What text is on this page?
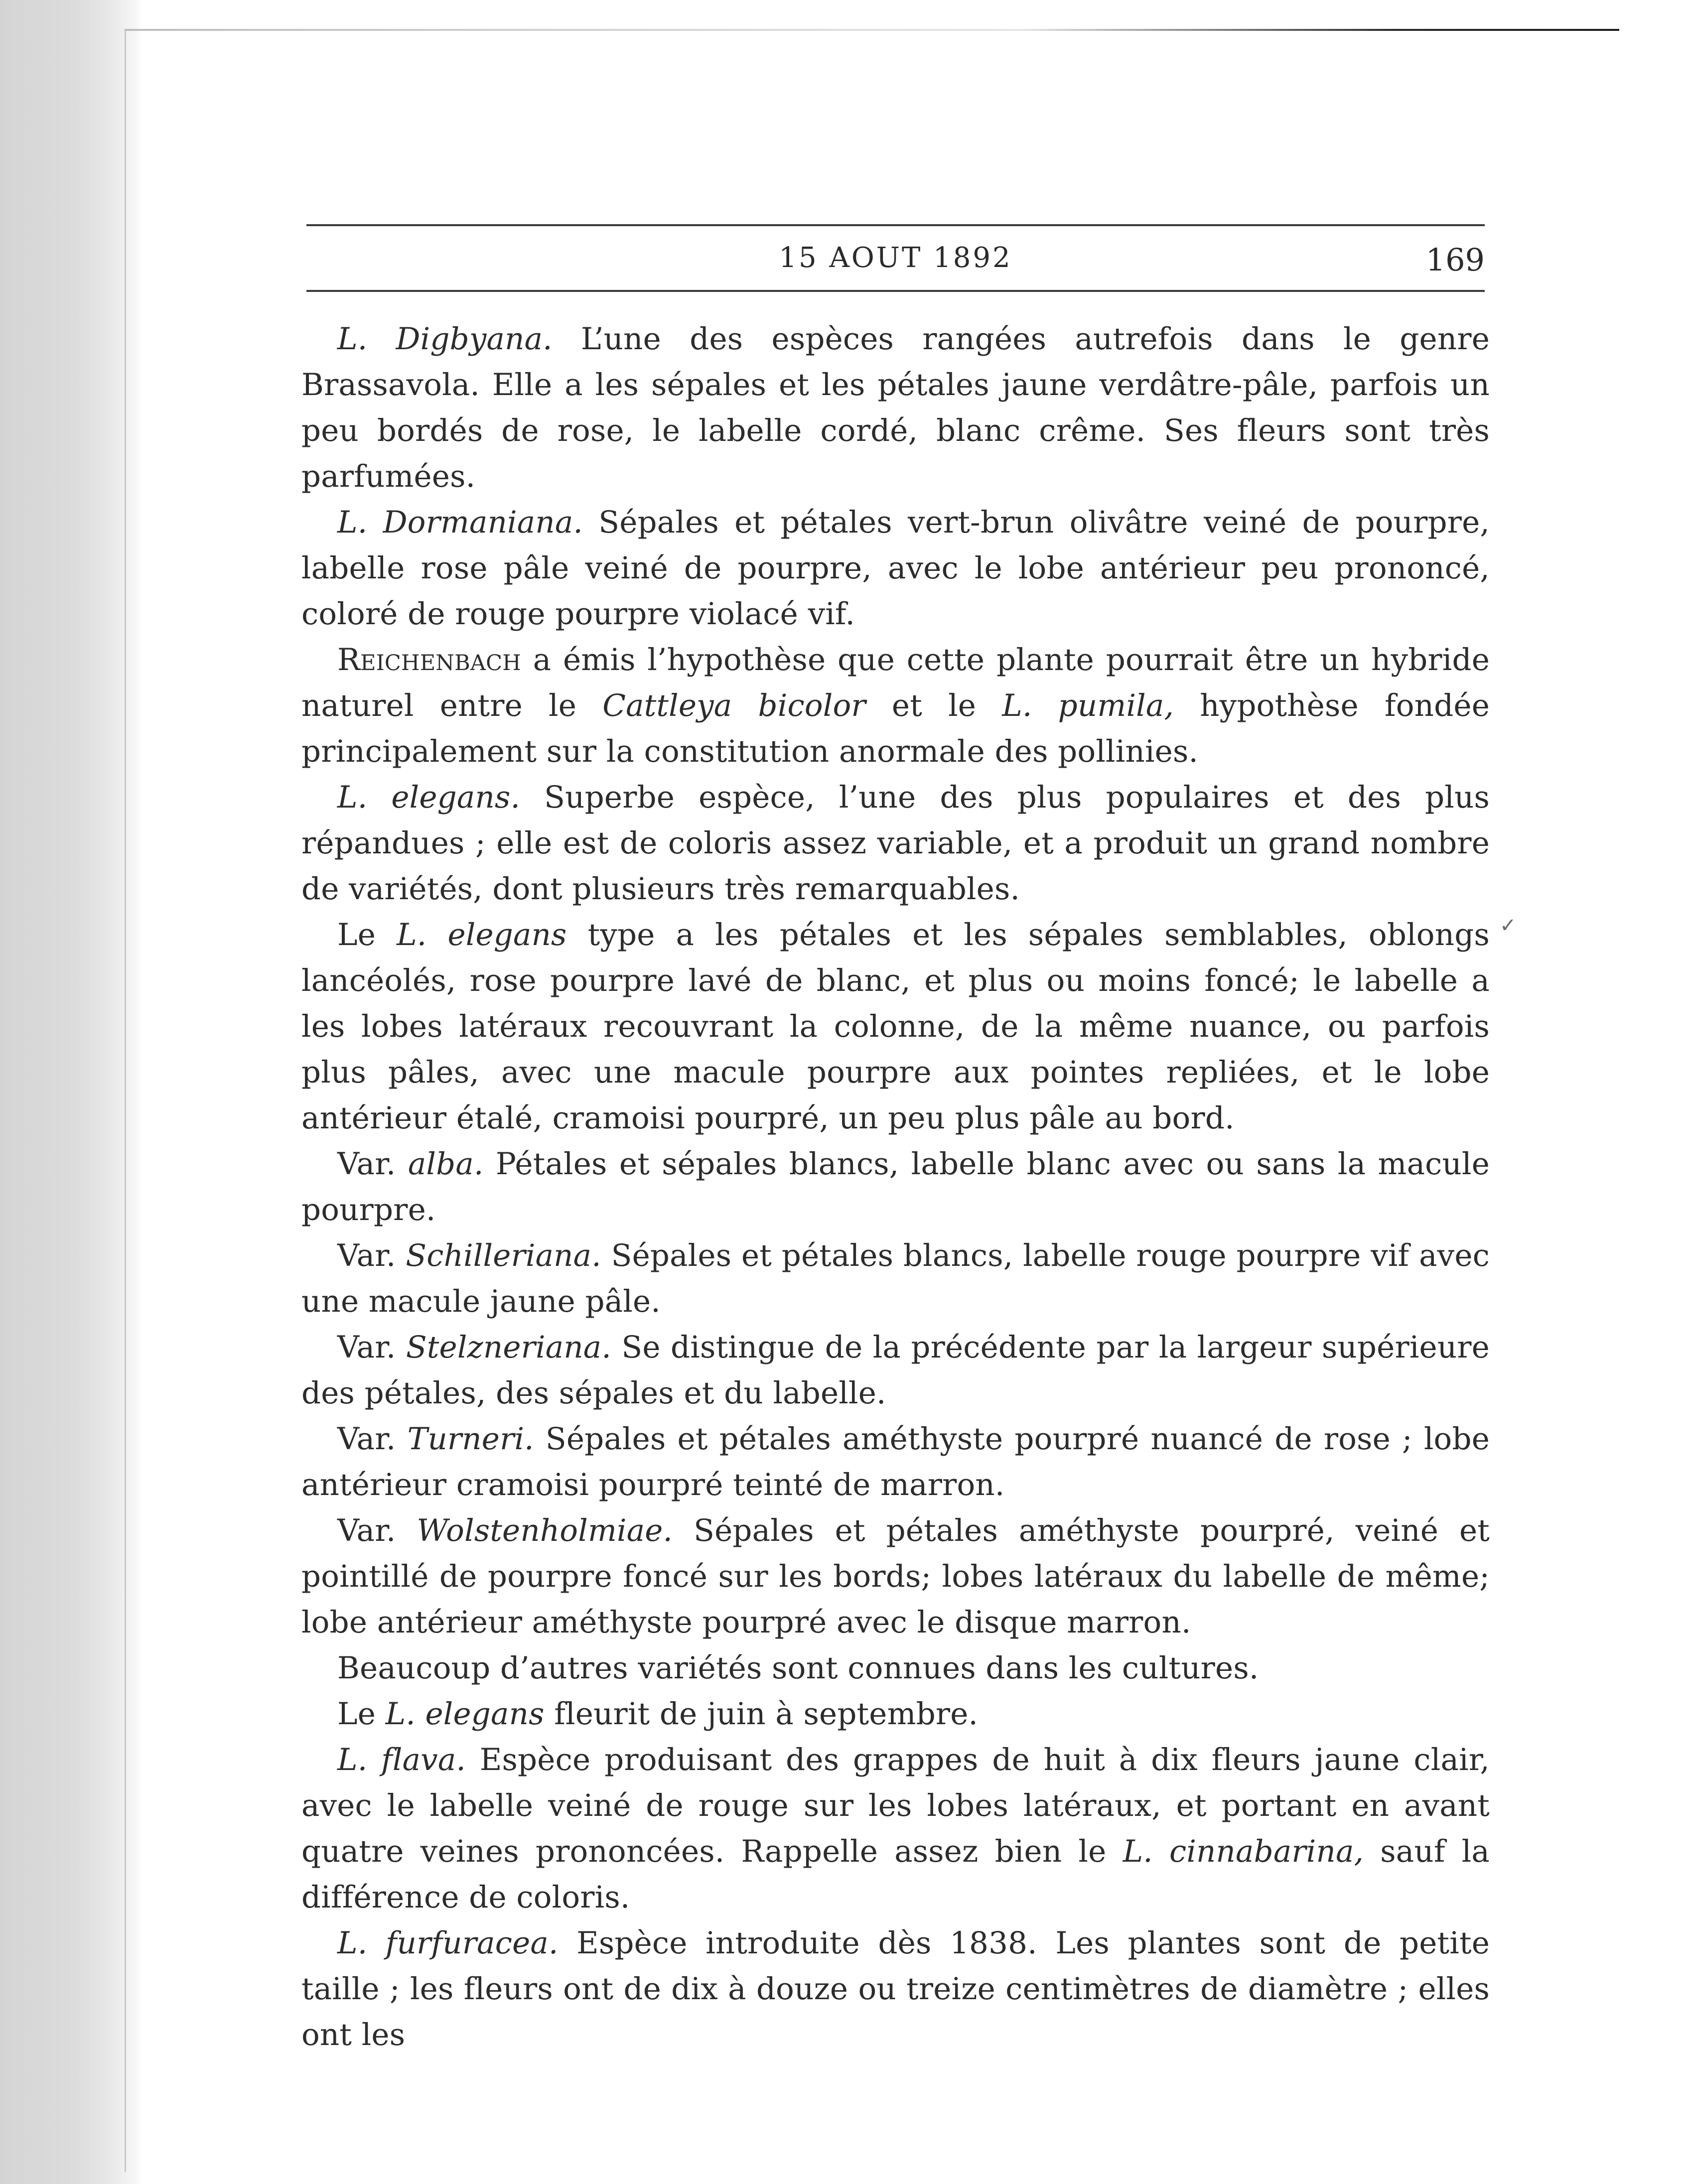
15 AOUT 1892	169
✓

L. Digbyana. L’une des espèces rangées autrefois dans le genre Brassavola. Elle a les sépales et les pétales jaune verdâtre-pâle, parfois un peu bordés de rose, le labelle cordé, blanc crême. Ses fleurs sont très parfumées.

L. Dormaniana. Sépales et pétales vert-brun olivâtre veiné de pourpre, labelle rose pâle veiné de pourpre, avec le lobe antérieur peu prononcé, coloré de rouge pourpre violacé vif.

Reichenbach a émis l’hypothèse que cette plante pourrait être un hybride naturel entre le Cattleya bicolor et le L. pumila, hypothèse fondée principalement sur la constitution anormale des pollinies.

L. elegans. Superbe espèce, l’une des plus populaires et des plus répandues ; elle est de coloris assez variable, et a produit un grand nombre de variétés, dont plusieurs très remarquables.

Le L. elegans type a les pétales et les sépales semblables, oblongs lancéolés, rose pourpre lavé de blanc, et plus ou moins foncé; le labelle a les lobes latéraux recouvrant la colonne, de la même nuance, ou parfois plus pâles, avec une macule pourpre aux pointes repliées, et le lobe antérieur étalé, cramoisi pourpré, un peu plus pâle au bord.

Var. alba. Pétales et sépales blancs, labelle blanc avec ou sans la macule pourpre.

Var. Schilleriana. Sépales et pétales blancs, labelle rouge pourpre vif avec une macule jaune pâle.

Var. Stelzneriana. Se distingue de la précédente par la largeur supérieure des pétales, des sépales et du labelle.

Var. Turneri. Sépales et pétales améthyste pourpré nuancé de rose ; lobe antérieur cramoisi pourpré teinté de marron.

Var. Wolstenholmiae. Sépales et pétales améthyste pourpré, veiné et pointillé de pourpre foncé sur les bords; lobes latéraux du labelle de même; lobe antérieur améthyste pourpré avec le disque marron.

Beaucoup d’autres variétés sont connues dans les cultures.

Le L. elegans fleurit de juin à septembre.

L. flava. Espèce produisant des grappes de huit à dix fleurs jaune clair, avec le labelle veiné de rouge sur les lobes latéraux, et portant en avant quatre veines prononcées. Rappelle assez bien le L. cinnabarina, sauf la différence de coloris.

L. furfuracea. Espèce introduite dès 1838. Les plantes sont de petite taille ; les fleurs ont de dix à douze ou treize centimètres de diamètre ; elles ont les
